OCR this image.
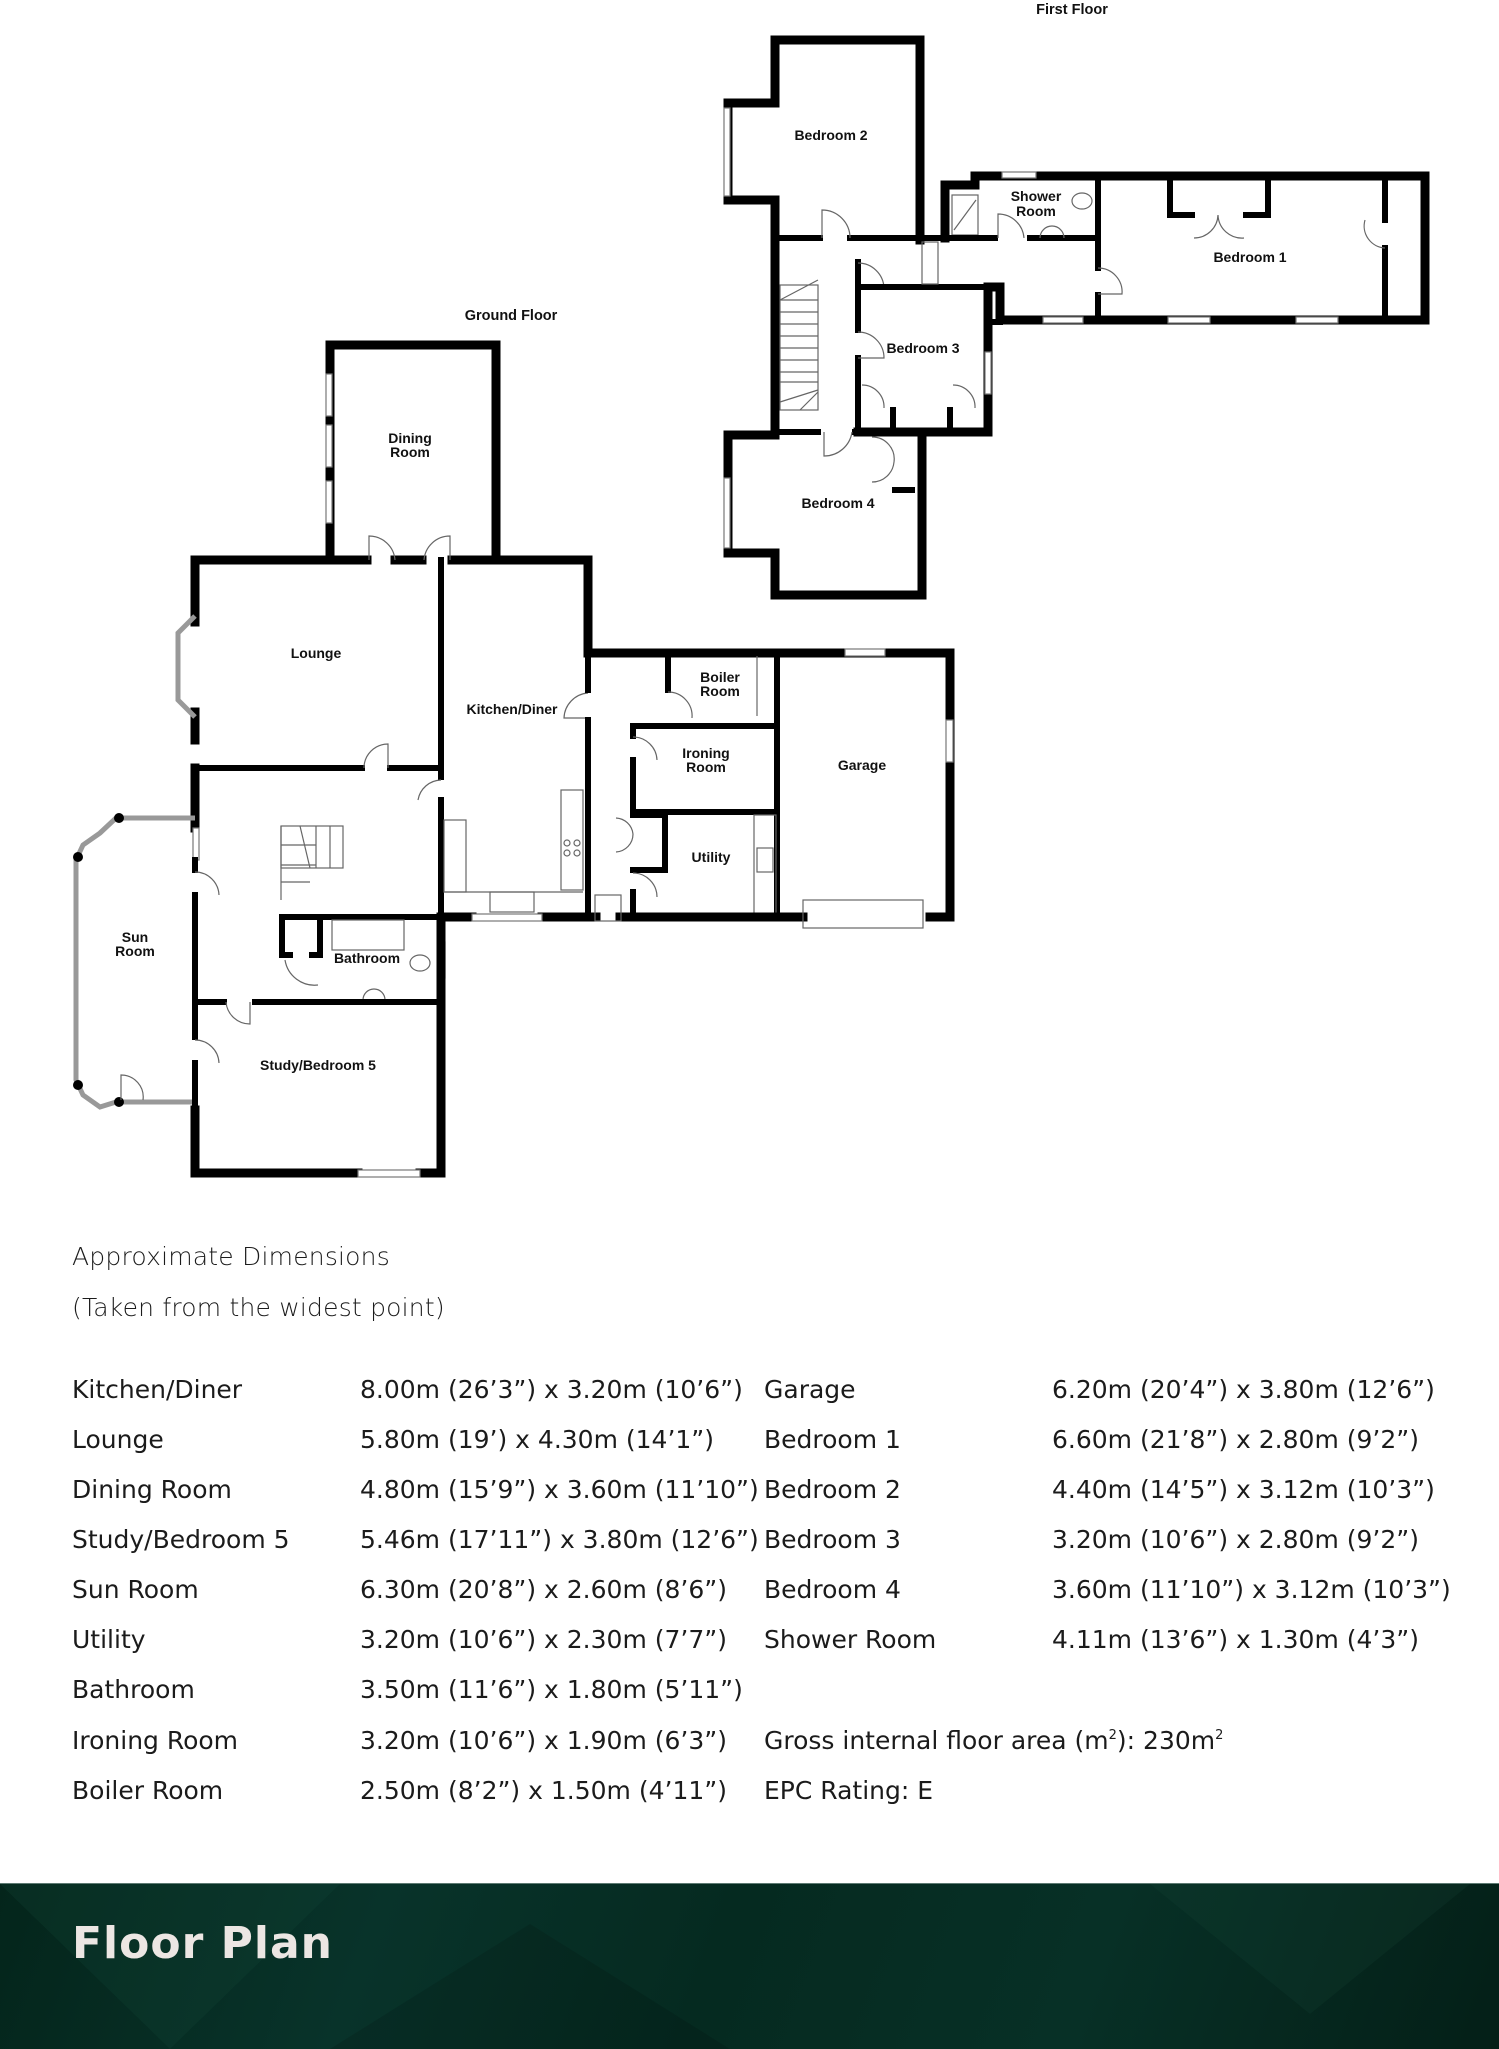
First Floor
Bedroom 4
Bedroom 3
Bedroom 2
Shower
Room
Bedroom 1
Ground Floor
Dining
Room
Lounge
Kitchen/Diner
Boiler
Room
Ironing
Room
Utility
Garage
Sun
Room	Bathroom
Study/Bedroom 5
Approximate Dimensions
(Taken from the widest point)
Kitchen/Diner	8.00m (26’3”) x 3.20m (10’6”)
Lounge	5.80m (19’) x 4.30m (14’1”)
Dining Room	4.80m (15’9”) x 3.60m (11’10”)
Study/Bedroom 5	5.46m (17’11”) x 3.80m (12’6”)
Sun Room	6.30m (20’8”) x 2.60m (8’6”)
Utility	3.20m (10’6”) x 2.30m (7’7”)
Bathroom	3.50m (11’6”) x 1.80m (5’11”)
Ironing Room	3.20m (10’6”) x 1.90m (6’3”)
Boiler Room	2.50m (8’2”) x 1.50m (4’11”)
Garage	6.20m (20’4”) x 3.80m (12’6”)
Bedroom 1	6.60m (21’8”) x 2.80m (9’2”)
Bedroom 2	4.40m (14’5”) x 3.12m (10’3”)
Bedroom 3	3.20m (10’6”) x 2.80m (9’2”)
Bedroom 4	3.60m (11’10”) x 3.12m (10’3”)
Shower Room	4.11m (13’6”) x 1.30m (4’3”)
Gross internal floor area $(m^2)$: $230m^2$
EPC Rating: E
Floor Plan
